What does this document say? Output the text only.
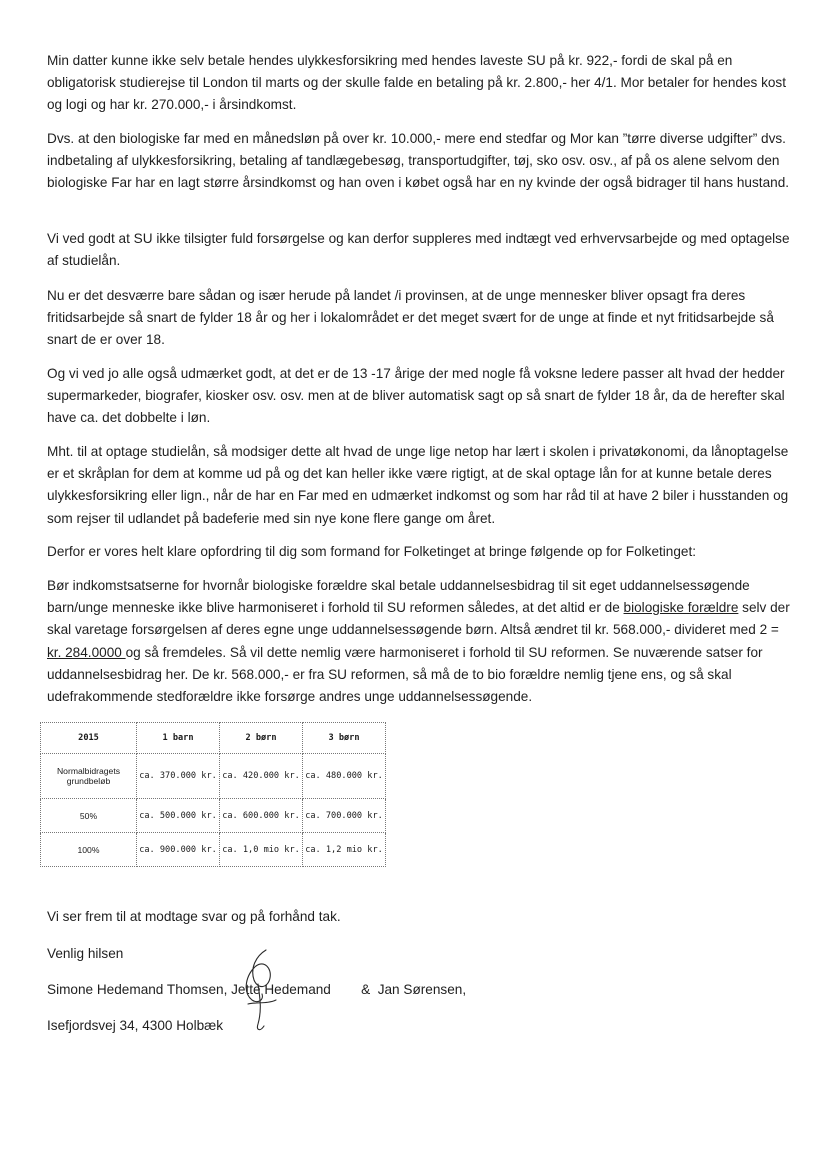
Min datter kunne ikke selv betale hendes ulykkesforsikring med hendes laveste SU på kr. 922,- fordi de skal på en obligatorisk studierejse til London til marts og der skulle falde en betaling på kr. 2.800,- her 4/1. Mor betaler for hendes kost og logi og har kr. 270.000,- i årsindkomst.

Dvs. at den biologiske far med en månedsløn på over kr. 10.000,- mere end stedfar og Mor kan ”tørre diverse udgifter” dvs. indbetaling af ulykkesforsikring, betaling af tandlægebesøg, transportudgifter, tøj, sko osv. osv., af på os alene selvom den biologiske Far har en lagt større årsindkomst og han oven i købet også har en ny kvinde der også bidrager til hans hustand.

Vi ved godt at SU ikke tilsigter fuld forsørgelse og kan derfor suppleres med indtægt ved erhvervsarbejde og med optagelse af studielån.

Nu er det desværre bare sådan og især herude på landet /i provinsen, at de unge mennesker bliver opsagt fra deres fritidsarbejde så snart de fylder 18 år og her i lokalområdet er det meget svært for de unge at finde et nyt fritidsarbejde så snart de er over 18.

Og vi ved jo alle også udmærket godt, at det er de 13 -17 årige der med nogle få voksne ledere passer alt hvad der hedder supermarkeder, biografer, kiosker osv. osv. men at de bliver automatisk sagt op så snart de fylder 18 år, da de herefter skal have ca. det dobbelte i løn.

Mht. til at optage studielån, så modsiger dette alt hvad de unge lige netop har lært i skolen i privatøkonomi, da lånoptagelse er et skråplan for dem at komme ud på og det kan heller ikke være rigtigt, at de skal optage lån for at kunne betale deres ulykkesforsikring eller lign., når de har en Far med en udmærket indkomst og som har råd til at have 2 biler i husstanden og som rejser til udlandet på badeferie med sin nye kone flere gange om året.

Derfor er vores helt klare opfordring til dig som formand for Folketinget at bringe følgende op for Folketinget:

Bør indkomstsatserne for hvornår biologiske forældre skal betale uddannelsesbidrag til sit eget uddannelsessøgende barn/unge menneske ikke blive harmoniseret i forhold til SU reformen således, at det altid er de biologiske forældre selv der skal varetage forsørgelsen af deres egne unge uddannelsessøgende børn. Altså ændret til kr. 568.000,- divideret med 2 = kr. 284.0000 og så fremdeles. Så vil dette nemlig være harmoniseret i forhold til SU reformen. Se nuværende satser for uddannelsesbidrag her. De kr. 568.000,- er fra SU reformen, så må de to bio forældre nemlig tjene ens, og så skal udefrakommende stedforældre ikke forsørge andres unge uddannelsessøgende.

2015	1 barn	2 børn	3 børn
Normalbidragets grundbeløb	ca. 370.000 kr.	ca. 420.000 kr.	ca. 480.000 kr.
50%	ca. 500.000 kr.	ca. 600.000 kr.	ca. 700.000 kr.
100%	ca. 900.000 kr.	ca. 1,0 mio kr.	ca. 1,2 mio kr.

Vi ser frem til at modtage svar og på forhånd tak.

Venlig hilsen

Simone Hedemand Thomsen, Jette Hedemand        &  Jan Sørensen,

Isefjordsvej 34, 4300 Holbæk
